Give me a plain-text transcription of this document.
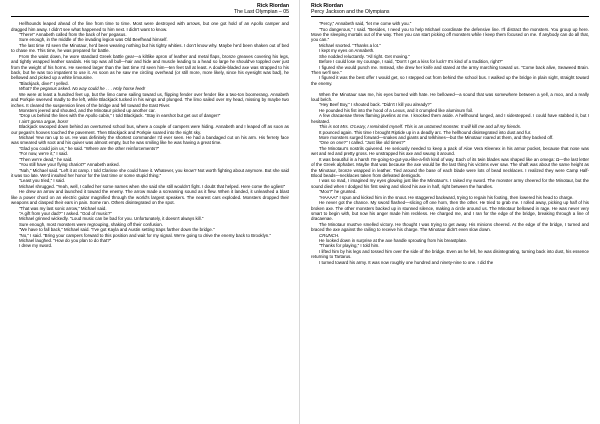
Rick Riordan
The Last Olympian – 05

Hellhounds leaped ahead of the line from time to time. Most were destroyed with arrows, but one got hold of an Apollo camper and dragged him away. I didn't see what happened to him next. I didn't want to know.

"There!" Annabeth called from the back of her pegasus.

Sure enough, in the middle of the invading legion was Old Beefhead himself.

The last time I'd seen the Minotaur, he'd been wearing nothing but his tighty whities. I don't know why. Maybe he'd been shaken out of bed to chase me. This time, he was prepared for battle.

From the waist down, he wore standard Greek battle gear—a kiltlike apron of leather and metal flaps, bronze greaves covering his legs, and tightly wrapped leather sandals. His top was all bull—hair and hide and muscle leading to a head so large he should've toppled over just from the weight of his horns. He seemed larger than the last time I'd seen him—ten feet tall at least. A double-bladed axe was strapped to his back, but he was too impatient to use it. As soon as he saw me circling overhead (or still more, more likely, since his eyesight was bad), he bellowed and picked up a white limousine.

"Blackjack, dive!" I yelled.

What? the pegasus asked. No way could he . . . Holy horse feed!

We were at least a hundred feet up, but the limo came sailing toward us, flipping fender over fender like a two-ton boomerang. Annabeth and Porkpie swerved madly to the left, while Blackjack tucked in his wings and plunged. The limo sailed over my head, missing by maybe two inches. It cleared the suspension lines of the bridge and fell toward the East River.

Monsters jeered and shouted, and the Minotaur picked up another car.

"Drop us behind the lines with the Apollo cabin," I told Blackjack. "Stay in earshot but get out of danger!"

I ain't gonna argue, boss!

Blackjack swooped down behind an overturned school bus, where a couple of campers were hiding. Annabeth and I leaped off as soon as our pegasi's hooves touched the pavement. Then Blackjack and Porkpie soared into the night sky.

Michael Yew ran up to us. He was definitely the shortest commander I'd ever seen. He had a bandaged cut on his arm. His ferrety face was smeared with soot and his quiver was almost empty, but he was smiling like he was having a great time.

"Glad you could join us," he said. "Where are the other reinforcements?"

"For now, we're it," I said.

"Then we're dead," he said.

"You still have your flying chariot?" Annabeth asked.

"Nah," Michael said. "Left it at camp. I told Clarisse she could have it. Whatever, you know? Not worth fighting about anymore. But she said it was too late. We'd insulted her honor for the last time or some stupid thing."

"Least you tried," I said.

Michael shrugged. "Yeah, well, I called her some names when she said she still wouldn't fight. I doubt that helped. Here come the uglies!"

He drew an arrow and launched it toward the enemy. The arrow made a screaming sound as it flew. When it landed, it unleashed a blast like a power chord on an electric guitar magnified through the world's largest speakers. The nearest cars exploded. Monsters dropped their weapons and clasped their ears in pain. Some ran. Others disintegrated on the spot.

"That was my last sonic arrow," Michael said.

"A gift from your dad?" I asked. "God of music?"

Michael grinned wickedly. "Loud music can be bad for you. Unfortunately, it doesn't always kill."

Sure enough, most monsters were regrouping, shaking off their confusion.

"We have to fall back," Michael said. "I've got Kayla and Austin setting traps farther down the bridge."

"No," I said. "Bring your campers forward to this position and wait for my signal. We're going to drive the enemy back to Brooklyn."

Michael laughed. "How do you plan to do that?"

I drew my sword.

Rick Riordan
Percy Jackson and the Olympians

"Percy," Annabeth said, "let me come with you."

"Too dangerous," I said. "Besides, I need you to help Michael coordinate the defensive line. I'll distract the monsters. You group up here. Move the sleeping mortals out of the way. Then you can start picking off monsters while I keep them focused on me. If anybody can do all that, you can."

Michael snorted. "Thanks a lot."

I kept my eyes on Annabeth.

She nodded reluctantly. "All right. Get moving."

Before I could lose my courage, I said, "Don't I get a kiss for luck? It's kind of a tradition, right?"

I figured she would punch me. Instead, she drew her knife and stared at the army marching toward us. "Come back alive, Seaweed Brain. Then we'll see."

I figured it was the best offer I would get, so I stepped out from behind the school bus. I walked up the bridge in plain sight, straight toward the enemy.

When the Minotaur saw me, his eyes burned with hate. He bellowed—a sound that was somewhere between a yell, a moo, and a really loud belch.

"Hey Beef Boy," I shouted back. "Didn't I kill you already?"

He pounded his fist into the hood of a Lexus, and it crumpled like aluminum foil.

A few dracaenae threw flaming javelins at me. I knocked them aside. A hellhound lunged, and I sidestepped. I could have stabbed it, but I hesitated.

This is not Mrs. O'Leary, I reminded myself. This is an untamed monster. It will kill me and all my friends.

It pounced again. This time I brought Riptide up in a deadly arc. The hellhound disintegrated into dust and fur.

More monsters surged forward—snakes and giants and telkhines—but the Minotaur roared at them, and they backed off.

"One on one?" I called. "Just like old times?"

The Minotaur's nostrils quivered. He seriously needed to keep a pack of Aloe Vera Kleenex in his armor pocket, because that nose was wet and red and pretty gross. He unstrapped his axe and swung it around.

It was beautiful in a harsh I'm-going-to-gut-you-like-a-fish kind of way. Each of its twin blades was shaped like an omega: Ω—the last letter of the Greek alphabet. Maybe that was because the axe would be the last thing his victims ever saw. The shaft was about the same height as the Minotaur, bronze wrapped in leather. Tied around the base of each blade were lots of bead necklaces. I realized they were Camp Half-Blood beads—necklaces taken from defeated demigods.

I was so mad, I imagined my eyes glowing just like the Minotaur's. I raised my sword. The monster army cheered for the Minotaur, but the sound died when I dodged his first swing and sliced his axe in half, right between the handles.

"Moo?" he grunted.

"HAAAA!" I spun and kicked him in the snout. He staggered backward, trying to regain his footing, then lowered his head to charge.

He never got the chance. My sword flashed—slicing off one horn, then the other. He tried to grab me. I rolled away, picking up half of his broken axe. The other monsters backed up in stunned silence, making a circle around us. The Minotaur bellowed in rage. He was never very smart to begin with, but now his anger made him reckless. He charged me, and I ran for the edge of the bridge, breaking through a line of dracaenae.

The Minotaur must've smelled victory. He thought I was trying to get away. His minions cheered. At the edge of the bridge, I turned and braced the axe against the railing to receive his charge. The Minotaur didn't even slow down.

CRUNCH.

He looked down in surprise at the axe handle sprouting from his breastplate.

"Thanks for playing," I told him.

I lifted him by his legs and tossed him over the side of the bridge. Even as he fell, he was disintegrating, turning back into dust, his essence returning to Tartarus.

I turned toward his army. It was now roughly one hundred and ninety-nine to one. I did the
